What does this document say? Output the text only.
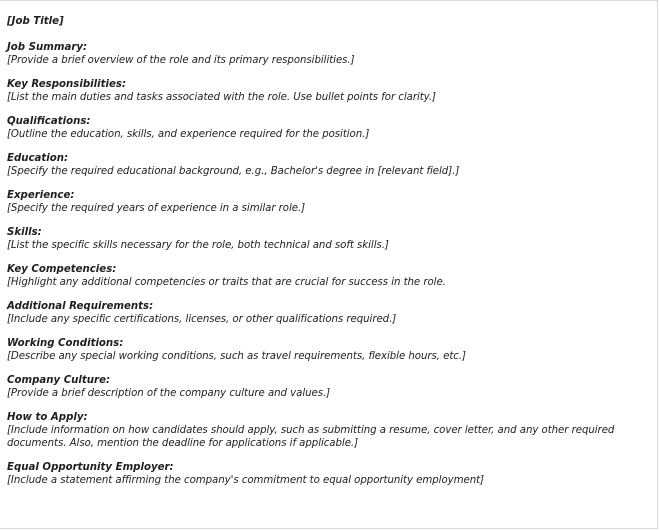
[Job Title]

Job Summary:

[Provide a brief overview of the role and its primary responsibilities.]

Key Responsibilities:

[List the main duties and tasks associated with the role. Use bullet points for clarity.]

Qualifications:

[Outline the education, skills, and experience required for the position.]

Education:

[Specify the required educational background, e.g., Bachelor's degree in [relevant field].]

Experience:

[Specify the required years of experience in a similar role.]

Skills:

[List the specific skills necessary for the role, both technical and soft skills.]

Key Competencies:

[Highlight any additional competencies or traits that are crucial for success in the role.

Additional Requirements:

[Include any specific certifications, licenses, or other qualifications required.]

Working Conditions:

[Describe any special working conditions, such as travel requirements, flexible hours, etc.]

Company Culture:

[Provide a brief description of the company culture and values.]

How to Apply:

[Include information on how candidates should apply, such as submitting a resume, cover letter, and any other required documents. Also, mention the deadline for applications if applicable.]

Equal Opportunity Employer:

[Include a statement affirming the company's commitment to equal opportunity employment]
